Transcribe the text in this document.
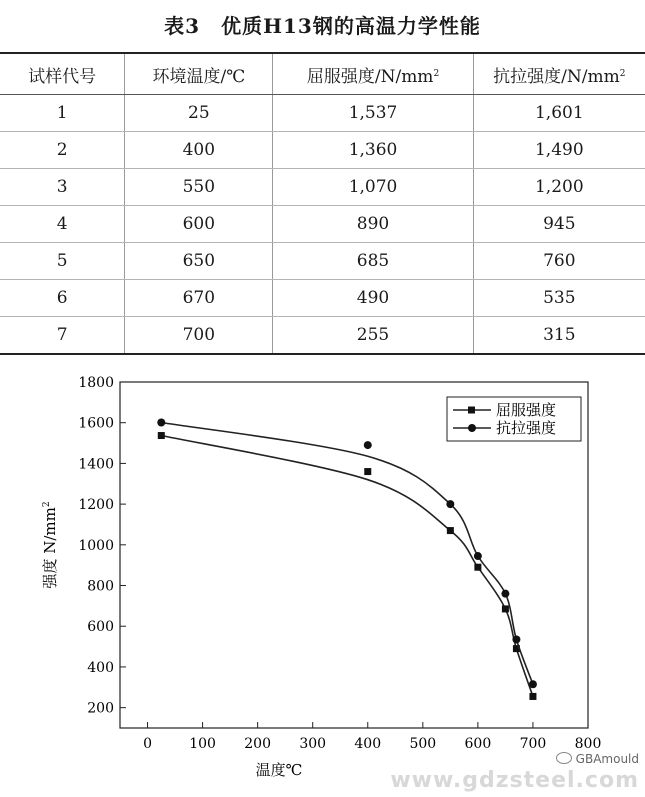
表3　优质H13钢的高温力学性能
试样代号	环境温度/℃	屈服强度$/N/mm^2$	抗拉强度$/N/mm^2$
1	25	1,537	1,601
2	400	1,360	1,490
3	550	1,070	1,200
4	600	890	945
5	650	685	760
6	670	490	535
7	700	255	315
0	100 200 300 400 500 600 700 800
200
400
600
800
1000
1200
1400
1600
1800
温度℃
强度 $N/mm^2$
屈服强度
抗拉强度
GBAmould
www.gdzsteel.com
